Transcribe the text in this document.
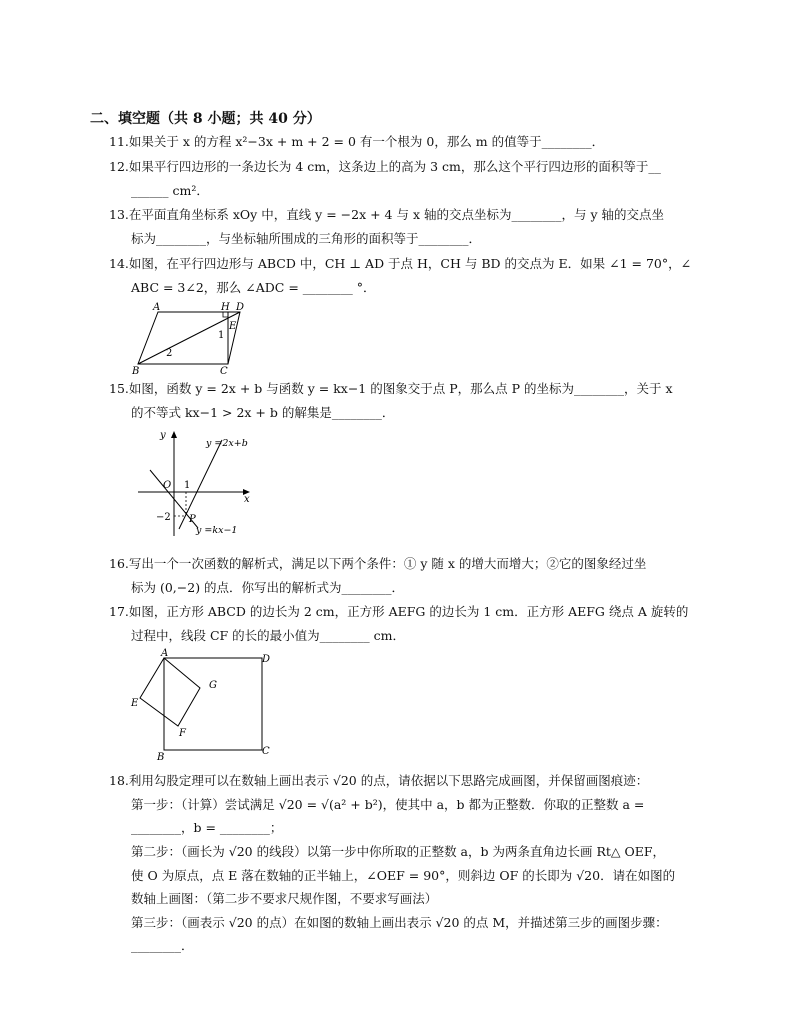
二、填空题（共 8 小题；共 40 分）
11.如果关于 x 的方程 x²−3x + m + 2 = 0 有一个根为 0，那么 m 的值等于________．
12.如果平行四边形的一条边长为 4 cm，这条边上的高为 3 cm，那么这个平行四边形的面积等于__
______ cm²．
13.在平面直角坐标系 xOy 中，直线 y = −2x + 4 与 x 轴的交点坐标为________，与 y 轴的交点坐
标为________，与坐标轴所围成的三角形的面积等于________．
14.如图，在平行四边形与 ABCD 中，CH ⊥ AD 于点 H，CH 与 BD 的交点为 E．如果 ∠1 = 70°，∠
ABC = 3∠2，那么 ∠ADC = ________ °．
A	H D
E
1
2
B	C
15.如图，函数 y = 2x + b 与函数 y = kx−1 的图象交于点 P，那么点 P 的坐标为________，关于 x
的不等式 kx−1 > 2x + b 的解集是________．
y
x
O 1
−2 P
y =2x+b
y =kx−1
16.写出一个一次函数的解析式，满足以下两个条件：① y 随 x 的增大而增大；②它的图象经过坐
标为 (0,−2) 的点．你写出的解析式为________．
17.如图，正方形 ABCD 的边长为 2 cm，正方形 AEFG 的边长为 1 cm．正方形 AEFG 绕点 A 旋转的
过程中，线段 CF 的长的最小值为________ cm．
A
D
G
E
F
B
C
18.利用勾股定理可以在数轴上画出表示 √20 的点，请依据以下思路完成画图，并保留画图痕迹：
第一步：（计算）尝试满足 √20 = √(a² + b²)，使其中 a，b 都为正整数．你取的正整数 a =
________，b = ________；
第二步：（画长为 √20 的线段）以第一步中你所取的正整数 a，b 为两条直角边长画 Rt△ OEF，
使 O 为原点，点 E 落在数轴的正半轴上，∠OEF = 90°，则斜边 OF 的长即为 √20．请在如图的
数轴上画图：（第二步不要求尺规作图，不要求写画法）
第三步：（画表示 √20 的点）在如图的数轴上画出表示 √20 的点 M，并描述第三步的画图步骤：
________．
